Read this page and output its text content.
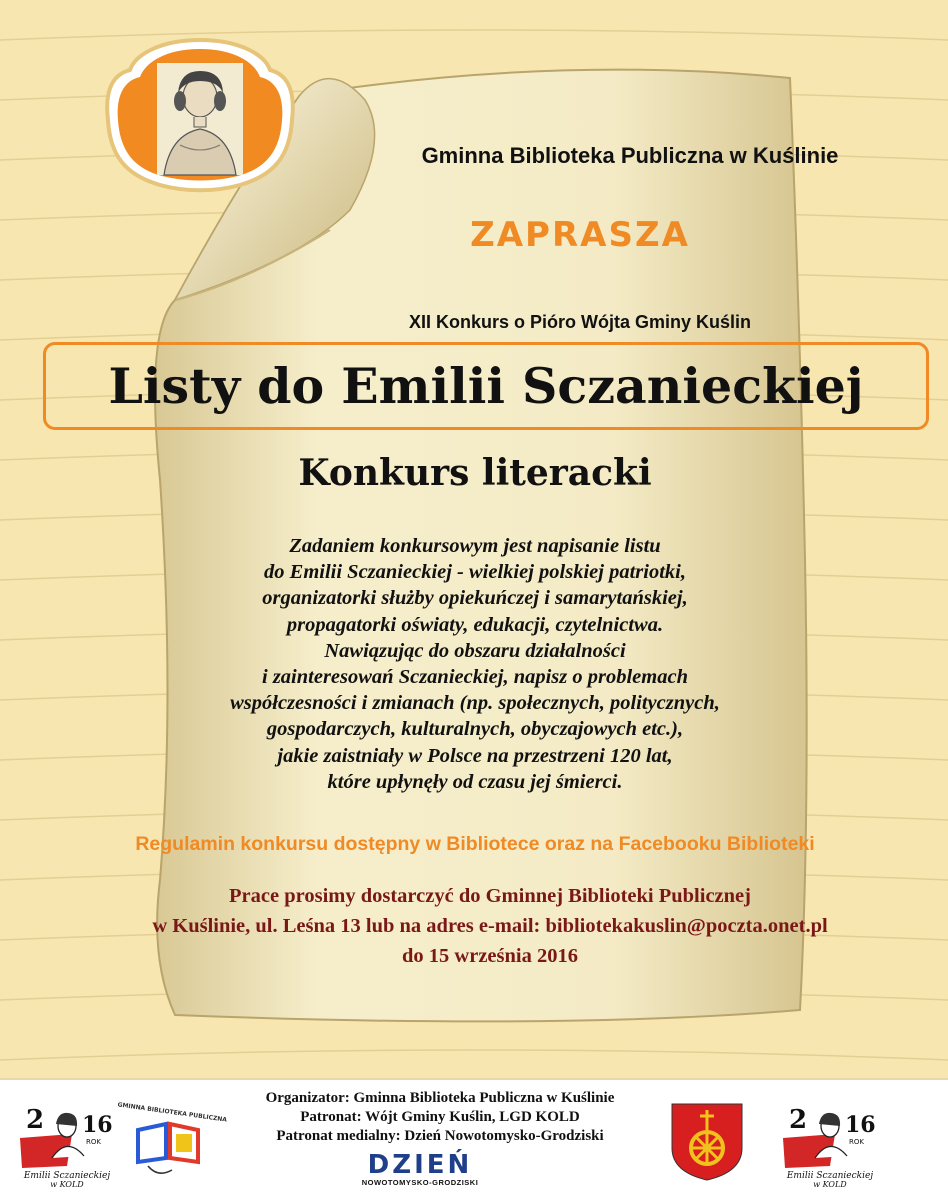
Gminna Biblioteka Publiczna w Kuślinie
ZAPRASZA
XII Konkurs o Pióro Wójta Gminy Kuślin
Listy do Emilii Sczanieckiej
Konkurs literacki
Zadaniem konkursowym jest napisanie listu
do Emilii Sczanieckiej - wielkiej polskiej patriotki,
organizatorki służby opiekuńczej i samarytańskiej,
propagatorki oświaty, edukacji, czytelnictwa.
Nawiązując do obszaru działalności
i zainteresowań Sczanieckiej, napisz o problemach
współczesności i zmianach (np. społecznych, politycznych,
gospodarczych, kulturalnych, obyczajowych etc.),
jakie zaistniały w Polsce na przestrzeni 120 lat,
które upłynęły od czasu jej śmierci.
Regulamin konkursu dostępny w Bibliotece oraz na Facebooku Biblioteki
Prace prosimy dostarczyć do Gminnej Biblioteki Publicznej
w Kuślinie, ul. Leśna 13 lub na adres e-mail: bibliotekakuslin@poczta.onet.pl
do 15 września 2016
2 16
ROK
Emilii Sczanieckiej
w KOLD
GMINNA BIBLIOTEKA PUBLICZNA
Organizator: Gminna Biblioteka Publiczna w Kuślinie
Patronat: Wójt Gminy Kuślin, LGD KOLD
Patronat medialny: Dzień Nowotomysko-Grodziski
DZIEŃ
NOWOTOMYSKO-GRODZISKI
2 16
ROK
Emilii Sczanieckiej
w KOLD
